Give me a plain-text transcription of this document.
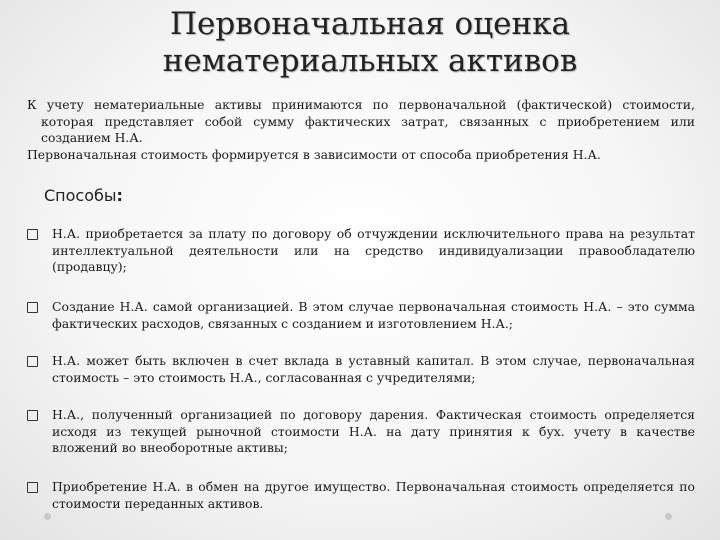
Первоначальная оценка нематериальных активов

К учету нематериальные активы принимаются по первоначальной (фактической) стоимости, которая представляет собой сумму фактических затрат, связанных с приобретением или созданием Н.А.

Первоначальная стоимость формируется в зависимости от способа приобретения Н.А.

Способы:
Н.А. приобретается за плату по договору об отчуждении исключительного права на результат интеллектуальной деятельности или на средство индивидуализации правообладателю (продавцу);
Создание Н.А. самой организацией. В этом случае первоначальная стоимость Н.А. – это сумма фактических расходов, связанных с созданием и изготовлением Н.А.;
Н.А. может быть включен в счет вклада в уставный капитал. В этом случае, первоначальная стоимость – это стоимость Н.А., согласованная с учредителями;
Н.А., полученный организацией по договору дарения. Фактическая стоимость определяется исходя из текущей рыночной стоимости Н.А. на дату принятия к бух. учету в качестве вложений во внеоборотные активы;
Приобретение Н.А. в обмен на другое имущество. Первоначальная стоимость определяется по стоимости переданных активов.
